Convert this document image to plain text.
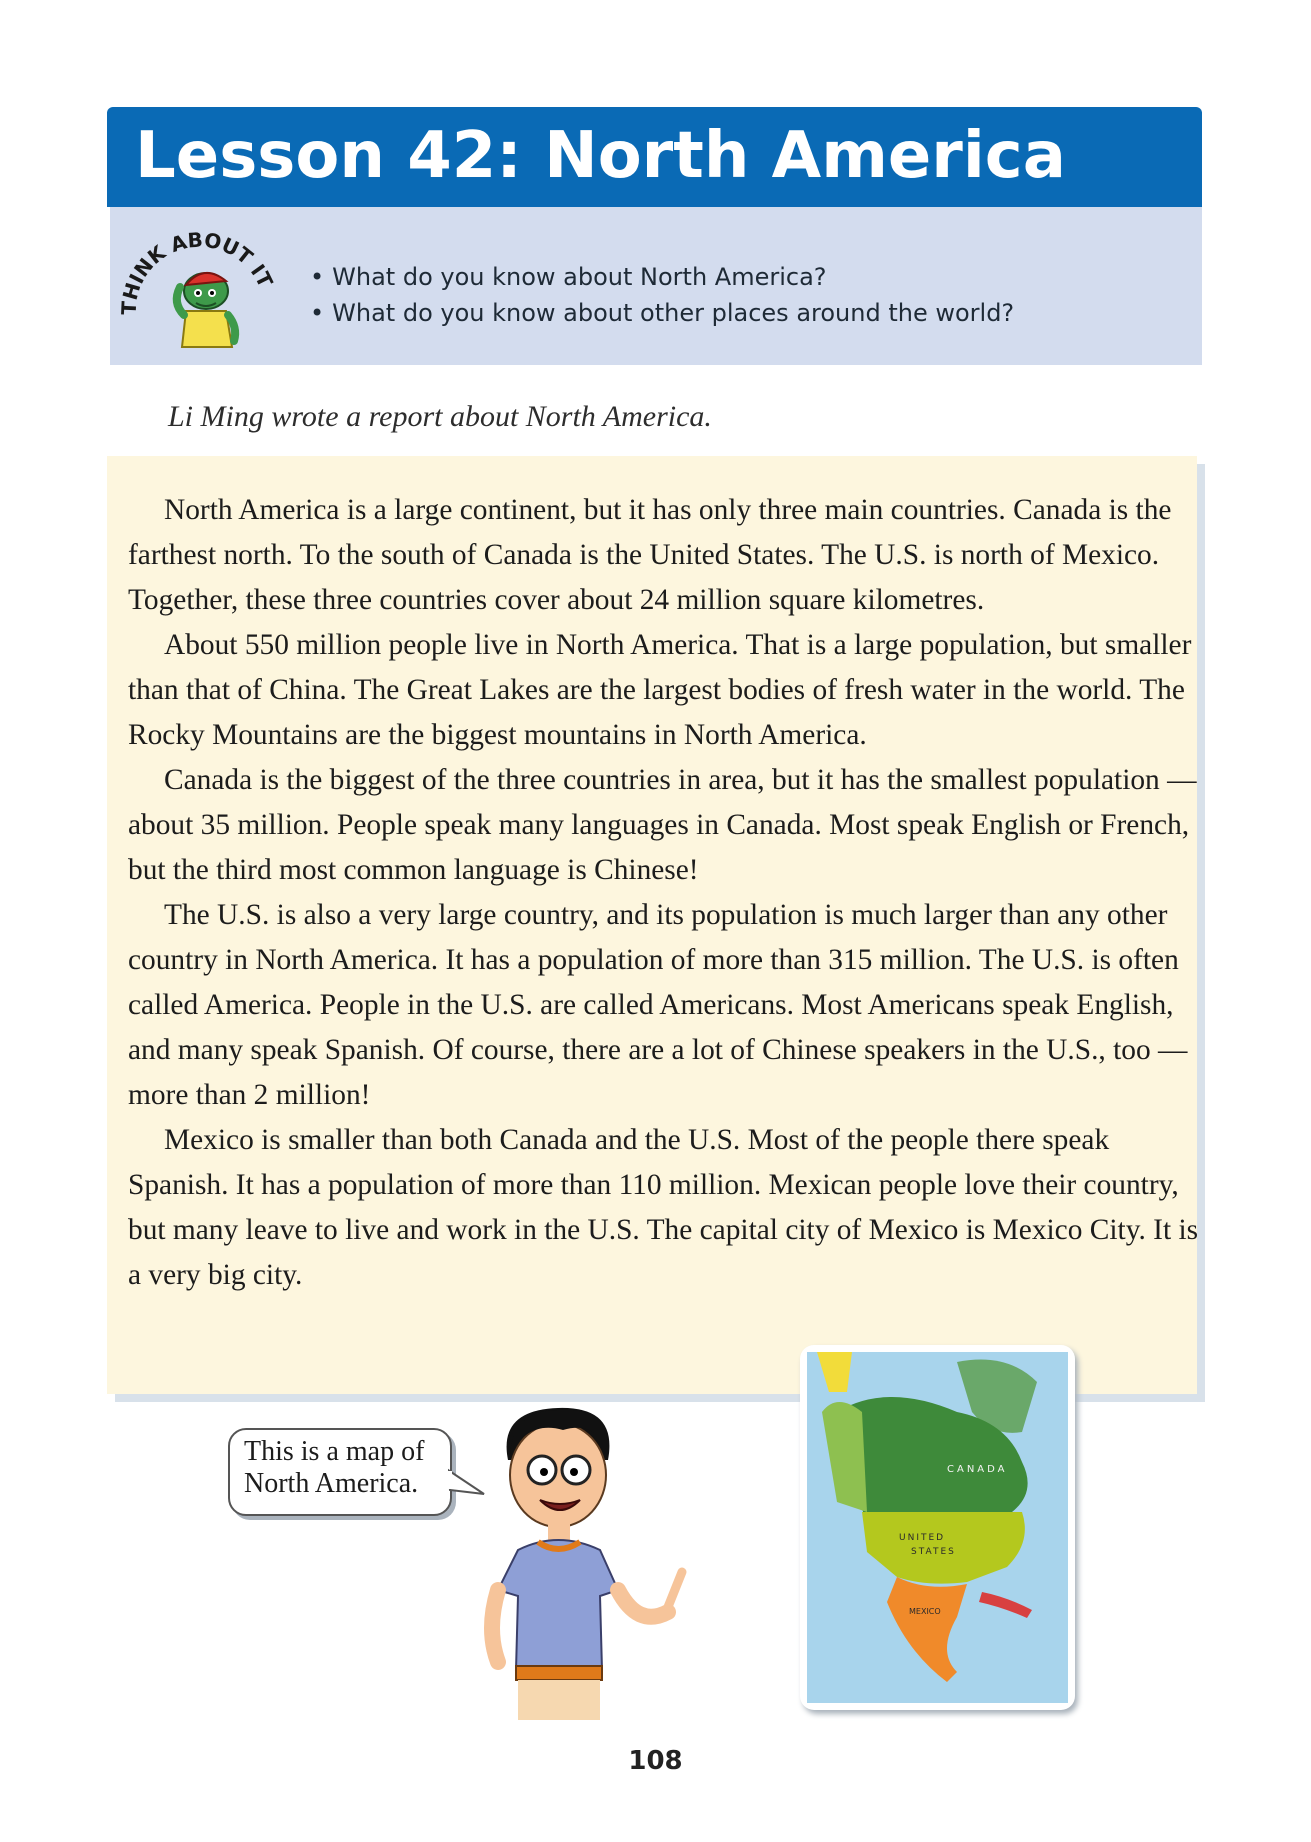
Lesson 42: North America
THINK ABOUT IT
•	What do you know about North America?
• What do you know about other places around the world?
Li Ming wrote a report about North America.

North America is a large continent, but it has only three main countries. Canada is the farthest north. To the south of Canada is the United States. The U.S. is north of Mexico. Together, these three countries cover about 24 million square kilometres.

About 550 million people live in North America. That is a large population, but smaller than that of China. The Great Lakes are the largest bodies of fresh water in the world. The Rocky Mountains are the biggest mountains in North America.

Canada is the biggest of the three countries in area, but it has the smallest population — about 35 million. People speak many languages in Canada. Most speak English or French, but the third most common language is Chinese!

The U.S. is also a very large country, and its population is much larger than any other country in North America. It has a population of more than 315 million. The U.S. is often called America. People in the U.S. are called Americans. Most Americans speak English, and many speak Spanish. Of course, there are a lot of Chinese speakers in the U.S., too — more than 2 million!

Mexico is smaller than both Canada and the U.S. Most of the people there speak Spanish. It has a population of more than 110 million. Mexican people love their country, but many leave to live and work in the U.S. The capital city of Mexico is Mexico City. It is a very big city.

This is a map of
North America.	CANADA
UNITED
STATES
MEXICO
108
